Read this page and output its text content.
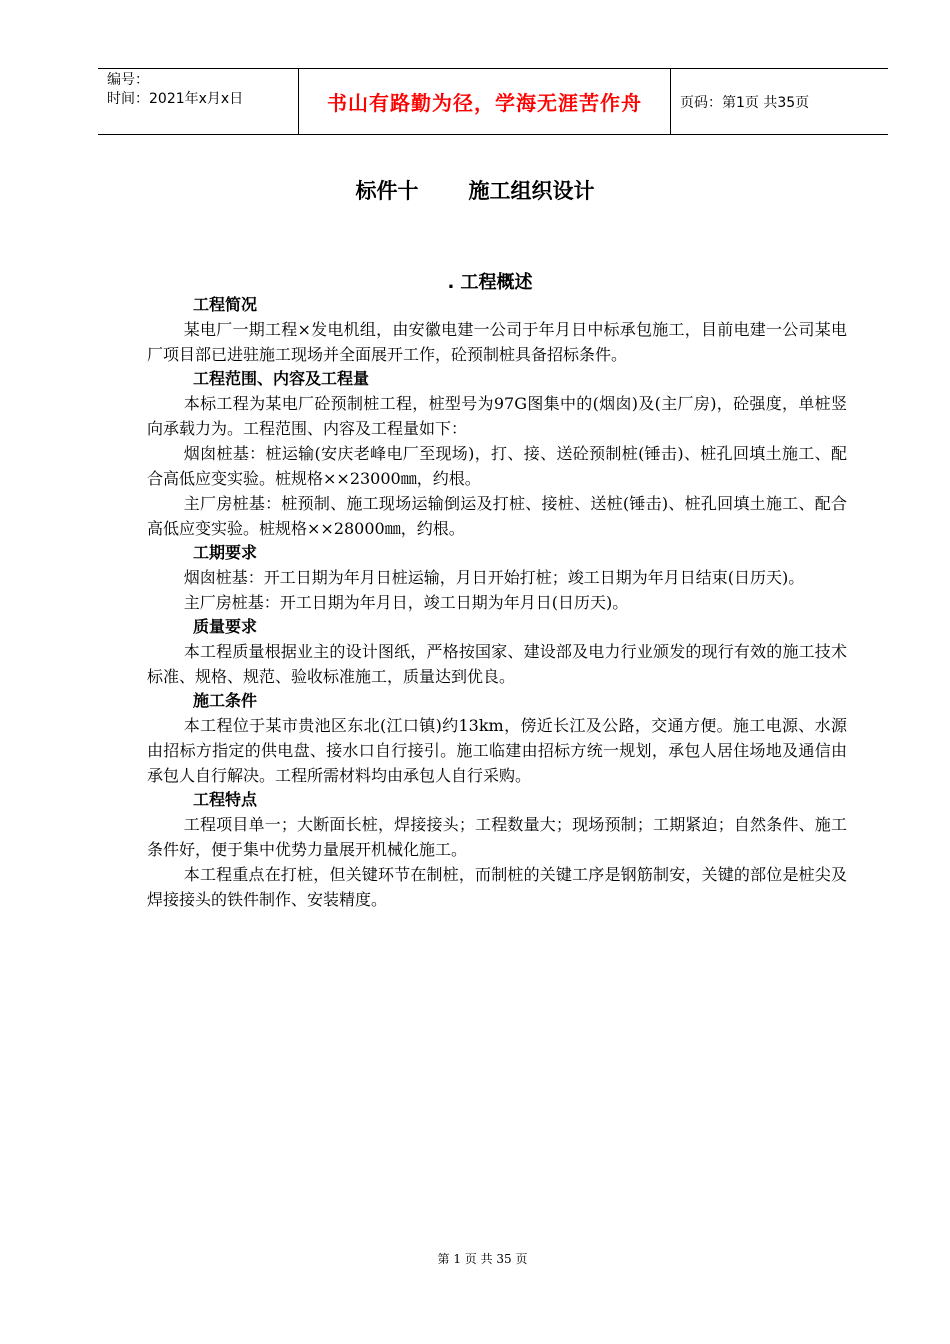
编号：
时间：2021年x月x日	书山有路勤为径，学海无涯苦作舟	页码：第1页 共35页
标件十 施工组织设计
. 工程概述
工程简况

某电厂一期工程×发电机组，由安徽电建一公司于年月日中标承包施工，目前电建一公司某电厂项目部已进驻施工现场并全面展开工作，砼预制桩具备招标条件。

工程范围、内容及工程量

本标工程为某电厂砼预制桩工程，桩型号为97G图集中的(烟囱)及(主厂房)，砼强度，单桩竖向承载力为。工程范围、内容及工程量如下：

烟囱桩基：桩运输(安庆老峰电厂至现场)，打、接、送砼预制桩(锤击)、桩孔回填土施工、配合高低应变实验。桩规格××23000㎜，约根。

主厂房桩基：桩预制、施工现场运输倒运及打桩、接桩、送桩(锤击)、桩孔回填土施工、配合高低应变实验。桩规格××28000㎜，约根。

工期要求

烟囱桩基：开工日期为年月日桩运输，月日开始打桩；竣工日期为年月日结束(日历天)。

主厂房桩基：开工日期为年月日，竣工日期为年月日(日历天)。

质量要求

本工程质量根据业主的设计图纸，严格按国家、建设部及电力行业颁发的现行有效的施工技术标准、规格、规范、验收标准施工，质量达到优良。

施工条件

本工程位于某市贵池区东北(江口镇)约13km，傍近长江及公路，交通方便。施工电源、水源由招标方指定的供电盘、接水口自行接引。施工临建由招标方统一规划，承包人居住场地及通信由承包人自行解决。工程所需材料均由承包人自行采购。

工程特点

工程项目单一；大断面长桩，焊接接头；工程数量大；现场预制；工期紧迫；自然条件、施工条件好，便于集中优势力量展开机械化施工。

本工程重点在打桩，但关键环节在制桩，而制桩的关键工序是钢筋制安，关键的部位是桩尖及焊接接头的铁件制作、安装精度。

第 1 页 共 35 页
